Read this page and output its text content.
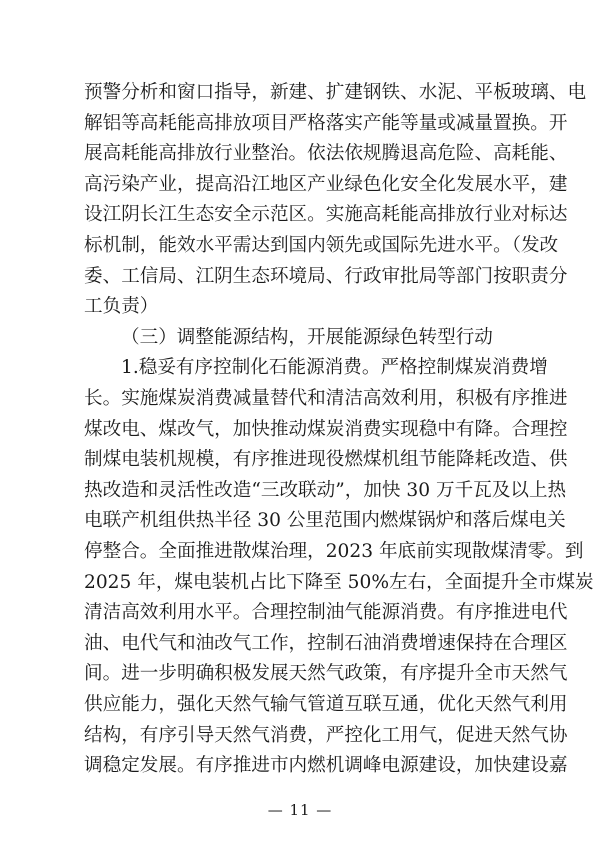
预警分析和窗口指导，新建、扩建钢铁、水泥、平板玻璃、电
解铝等高耗能高排放项目严格落实产能等量或减量置换。开
展高耗能高排放行业整治。依法依规腾退高危险、高耗能、
高污染产业，提高沿江地区产业绿色化安全化发展水平，建
设江阴长江生态安全示范区。实施高耗能高排放行业对标达
标机制，能效水平需达到国内领先或国际先进水平。（发改
委、工信局、江阴生态环境局、行政审批局等部门按职责分
工负责）
（三）调整能源结构，开展能源绿色转型行动
1.稳妥有序控制化石能源消费。严格控制煤炭消费增
长。实施煤炭消费减量替代和清洁高效利用，积极有序推进
煤改电、煤改气，加快推动煤炭消费实现稳中有降。合理控
制煤电装机规模，有序推进现役燃煤机组节能降耗改造、供
热改造和灵活性改造“三改联动”，加快 30 万千瓦及以上热
电联产机组供热半径 30 公里范围内燃煤锅炉和落后煤电关
停整合。全面推进散煤治理，2023 年底前实现散煤清零。到
2025 年，煤电装机占比下降至 50%左右，全面提升全市煤炭
清洁高效利用水平。合理控制油气能源消费。有序推进电代
油、电代气和油改气工作，控制石油消费增速保持在合理区
间。进一步明确积极发展天然气政策，有序提升全市天然气
供应能力，强化天然气输气管道互联互通，优化天然气利用
结构，有序引导天然气消费，严控化工用气，促进天然气协
调稳定发展。有序推进市内燃机调峰电源建设，加快建设嘉
— 11 —
